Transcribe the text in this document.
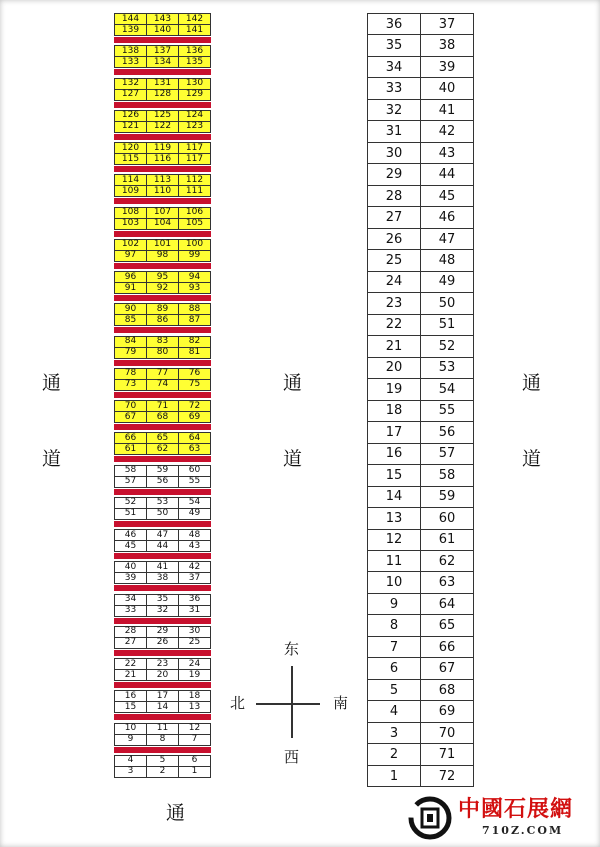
通
道
通
道
通
道
通
东
西
北	南
中國石展網
710Z.COM
144	143	142
139	140	141
138	137	136
133	134	135
132	131	130
127	128	129
126	125	124
121	122	123
120	119	117
115	116	117
114	113	112
109	110	111
108	107	106
103	104	105
102	101	100
97	98	99
96	95	94
91	92	93
90	89	88
85	86	87
84	83	82
79	80	81
78	77	76
73	74	75
70	71	72
67	68	69
66	65	64
61	62	63
58	59	60
57	56	55
52	53	54
51	50	49
46	47	48
45	44	43
40	41	42
39	38	37
34	35	36
33	32	31
28	29	30
27	26	25
22	23	24
21	20	19
16	17	18
15	14	13
10	11	12
9	8	7
4	5	6
3	2	1
36	37
35	38
34	39
33	40
32	41
31	42
30	43
29	44
28	45
27	46
26	47
25	48
24	49
23	50
22	51
21	52
20	53
19	54
18	55
17	56
16	57
15	58
14	59
13	60
12	61
11	62
10	63
9	64
8	65
7	66
6	67
5	68
4	69
3	70
2	71
1	72
